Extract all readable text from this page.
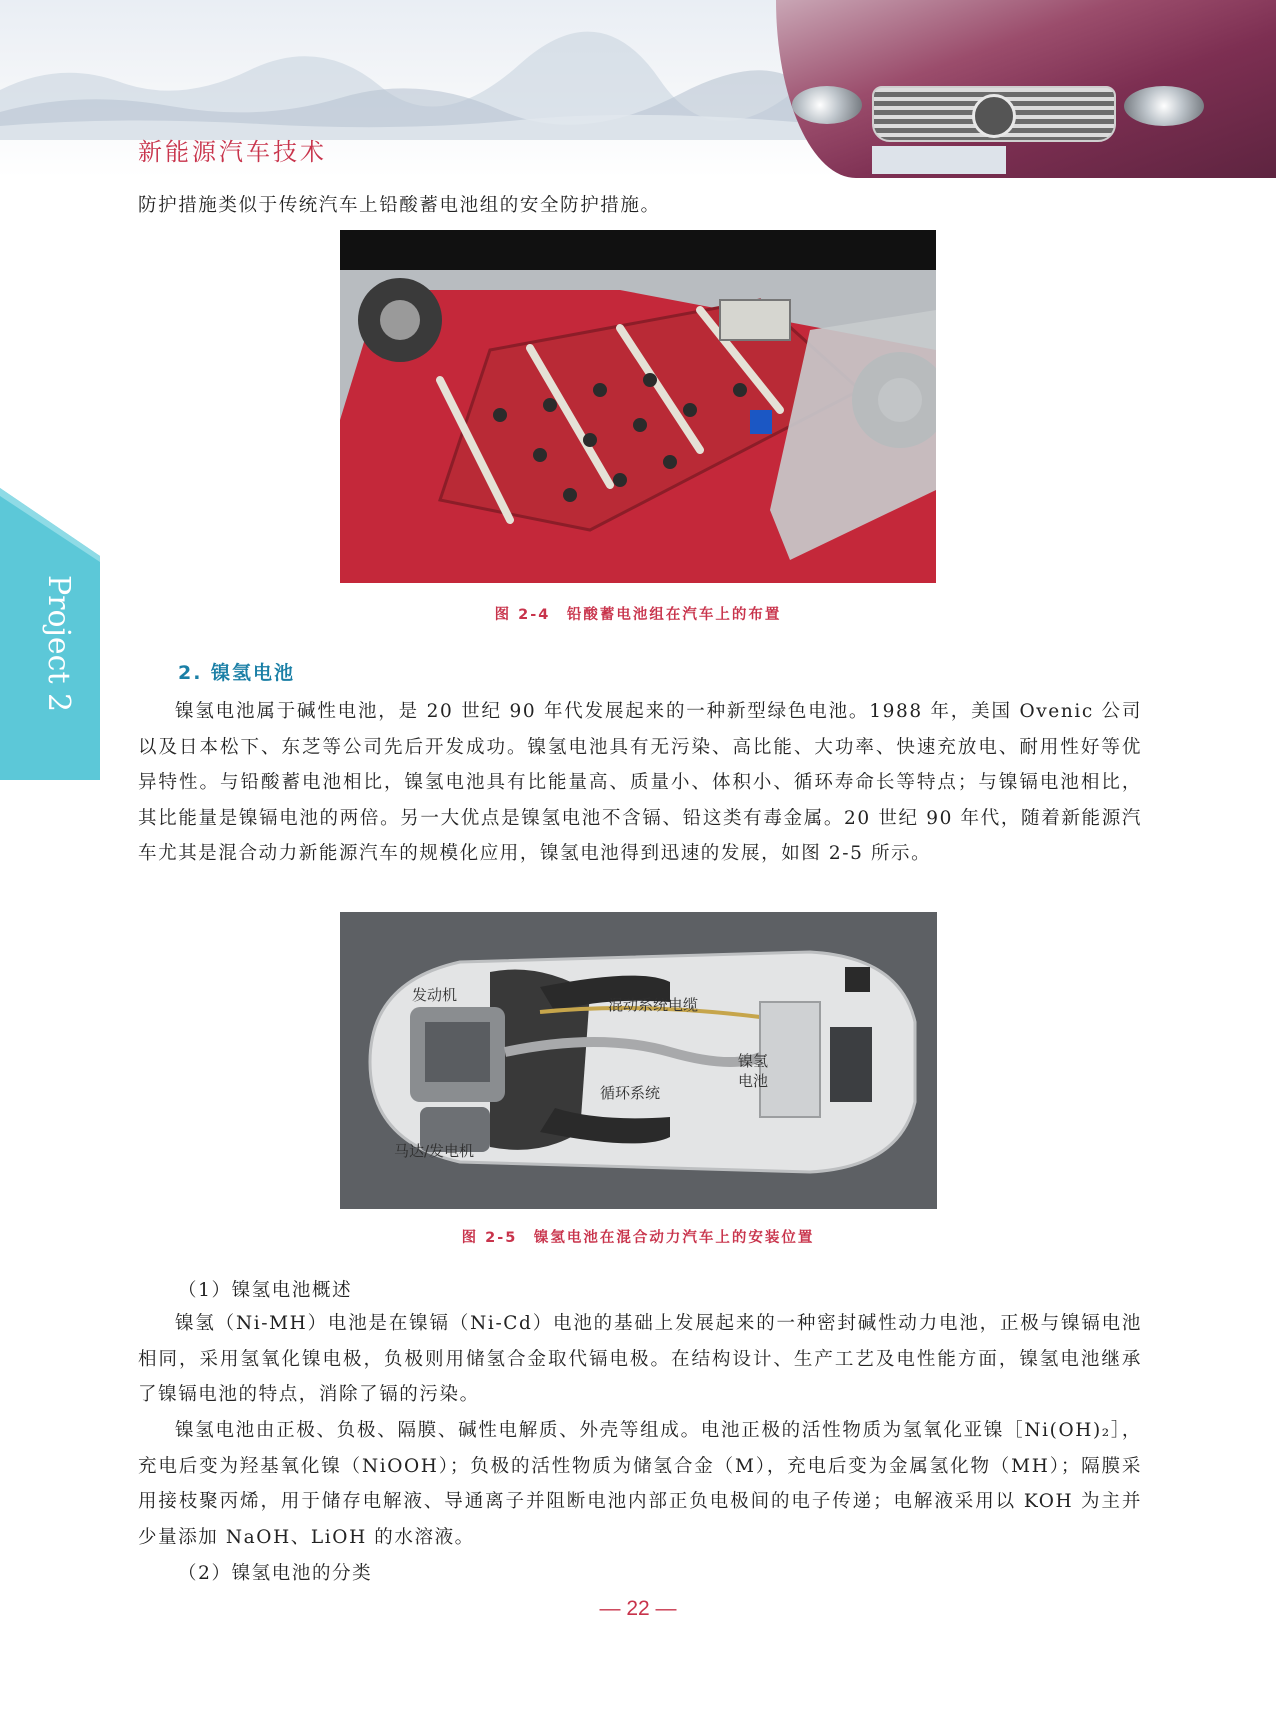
新能源汽车技术
Project 2

防护措施类似于传统汽车上铅酸蓄电池组的安全防护措施。

图 2-4　铅酸蓄电池组在汽车上的布置
2. 镍氢电池

镍氢电池属于碱性电池，是 20 世纪 90 年代发展起来的一种新型绿色电池。1988 年，美国 Ovenic 公司以及日本松下、东芝等公司先后开发成功。镍氢电池具有无污染、高比能、大功率、快速充放电、耐用性好等优异特性。与铅酸蓄电池相比，镍氢电池具有比能量高、质量小、体积小、循环寿命长等特点；与镍镉电池相比，其比能量是镍镉电池的两倍。另一大优点是镍氢电池不含镉、铅这类有毒金属。20 世纪 90 年代，随着新能源汽车尤其是混合动力新能源汽车的规模化应用，镍氢电池得到迅速的发展，如图 2-5 所示。

发动机
混动系统电缆
镍氢
电池
循环系统
马达/发电机
图 2-5　镍氢电池在混合动力汽车上的安装位置
（1）镍氢电池概述

镍氢（Ni-MH）电池是在镍镉（Ni-Cd）电池的基础上发展起来的一种密封碱性动力电池，正极与镍镉电池相同，采用氢氧化镍电极，负极则用储氢合金取代镉电极。在结构设计、生产工艺及电性能方面，镍氢电池继承了镍镉电池的特点，消除了镉的污染。

镍氢电池由正极、负极、隔膜、碱性电解质、外壳等组成。电池正极的活性物质为氢氧化亚镍［Ni(OH)₂］，充电后变为羟基氧化镍（NiOOH）；负极的活性物质为储氢合金（M），充电后变为金属氢化物（MH）；隔膜采用接枝聚丙烯，用于储存电解液、导通离子并阻断电池内部正负电极间的电子传递；电解液采用以 KOH 为主并少量添加 NaOH、LiOH 的水溶液。

（2）镍氢电池的分类
— 22 —
